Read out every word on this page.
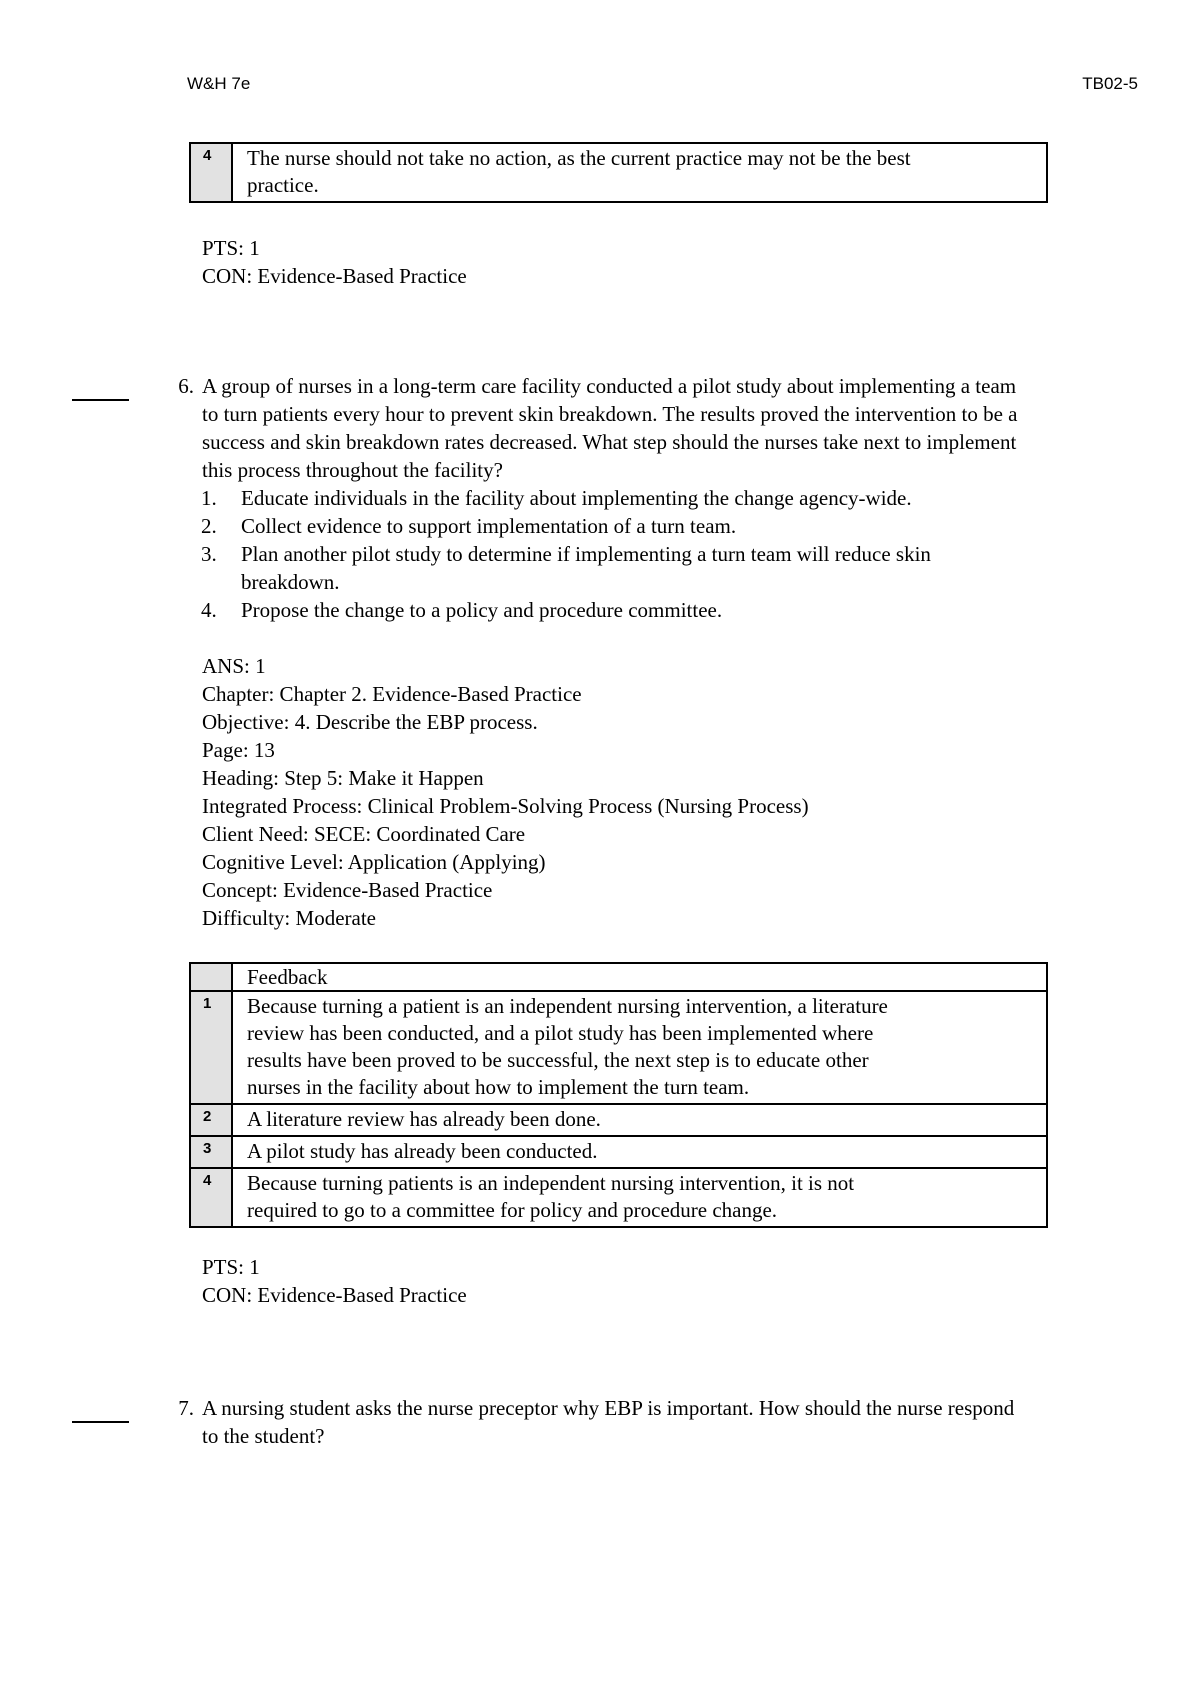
W&H 7e	TB02-5
4	The nurse should not take no action, as the current practice may not be the best
practice.
PTS: 1
CON: Evidence-Based Practice
6. A group of nurses in a long-term care facility conducted a pilot study about implementing a team
to turn patients every hour to prevent skin breakdown. The results proved the intervention to be a
success and skin breakdown rates decreased. What step should the nurses take next to implement
this process throughout the facility?
1. Educate individuals in the facility about implementing the change agency-wide.
2. Collect evidence to support implementation of a turn team.
3. Plan another pilot study to determine if implementing a turn team will reduce skin
breakdown.
4. Propose the change to a policy and procedure committee.
ANS: 1
Chapter: Chapter 2. Evidence-Based Practice
Objective: 4. Describe the EBP process.
Page: 13
Heading: Step 5: Make it Happen
Integrated Process: Clinical Problem-Solving Process (Nursing Process)
Client Need: SECE: Coordinated Care
Cognitive Level: Application (Applying)
Concept: Evidence-Based Practice
Difficulty: Moderate
	Feedback
1	Because turning a patient is an independent nursing intervention, a literature
review has been conducted, and a pilot study has been implemented where
results have been proved to be successful, the next step is to educate other
nurses in the facility about how to implement the turn team.

2	A literature review has already been done.

3	A pilot study has already been conducted.

4	Because turning patients is an independent nursing intervention, it is not
required to go to a committee for policy and procedure change.
PTS: 1
CON: Evidence-Based Practice
7. A nursing student asks the nurse preceptor why EBP is important. How should the nurse respond
to the student?
